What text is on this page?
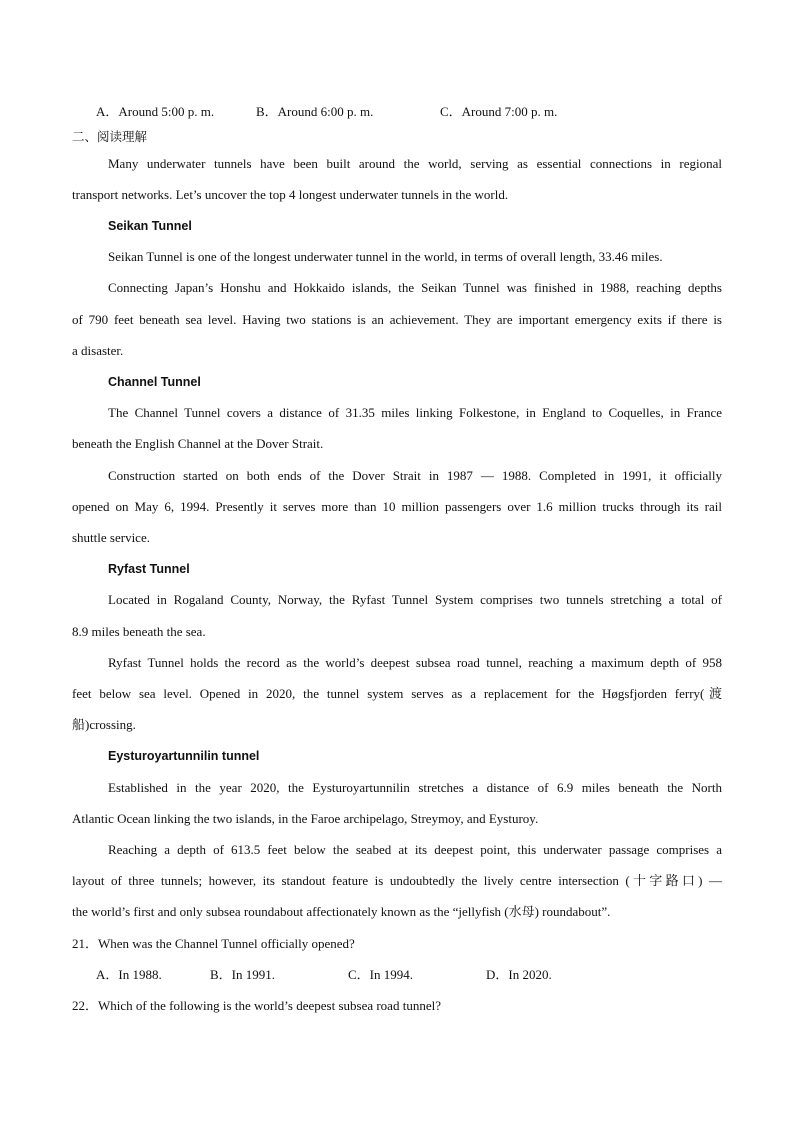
A．Around 5:00 p. m.	B．Around 6:00 p. m.	C．Around 7:00 p. m.
二、阅读理解
Many underwater tunnels have been built around the world, serving as essential connections in regional
transport networks. Let’s uncover the top 4 longest underwater tunnels in the world.
Seikan Tunnel
Seikan Tunnel is one of the longest underwater tunnel in the world, in terms of overall length, 33.46 miles.
Connecting Japan’s Honshu and Hokkaido islands, the Seikan Tunnel was finished in 1988, reaching depths
of 790 feet beneath sea level. Having two stations is an achievement. They are important emergency exits if there is
a disaster.
Channel Tunnel
The Channel Tunnel covers a distance of 31.35 miles linking Folkestone, in England to Coquelles, in France
beneath the English Channel at the Dover Strait.
Construction started on both ends of the Dover Strait in 1987 — 1988. Completed in 1991, it officially
opened on May 6, 1994. Presently it serves more than 10 million passengers over 1.6 million trucks through its rail
shuttle service.
Ryfast Tunnel
Located in Rogaland County, Norway, the Ryfast Tunnel System comprises two tunnels stretching a total of
8.9 miles beneath the sea.
Ryfast Tunnel holds the record as the world’s deepest subsea road tunnel, reaching a maximum depth of 958
feet below sea level. Opened in 2020, the tunnel system serves as a replacement for the Høgsfjorden ferry(渡
船)crossing.
Eysturoyartunnilin tunnel
Established in the year 2020, the Eysturoyartunnilin stretches a distance of 6.9 miles beneath the North
Atlantic Ocean linking the two islands, in the Faroe archipelago, Streymoy, and Eysturoy.
Reaching a depth of 613.5 feet below the seabed at its deepest point, this underwater passage comprises a
layout of three tunnels; however, its standout feature is undoubtedly the lively centre intersection (十字路口) —
the world’s first and only subsea roundabout affectionately known as the “jellyfish (水母) roundabout”.
21．When was the Channel Tunnel officially opened?
A．In 1988.	B．In 1991.	C．In 1994.	D．In 2020.
22．Which of the following is the world’s deepest subsea road tunnel?
